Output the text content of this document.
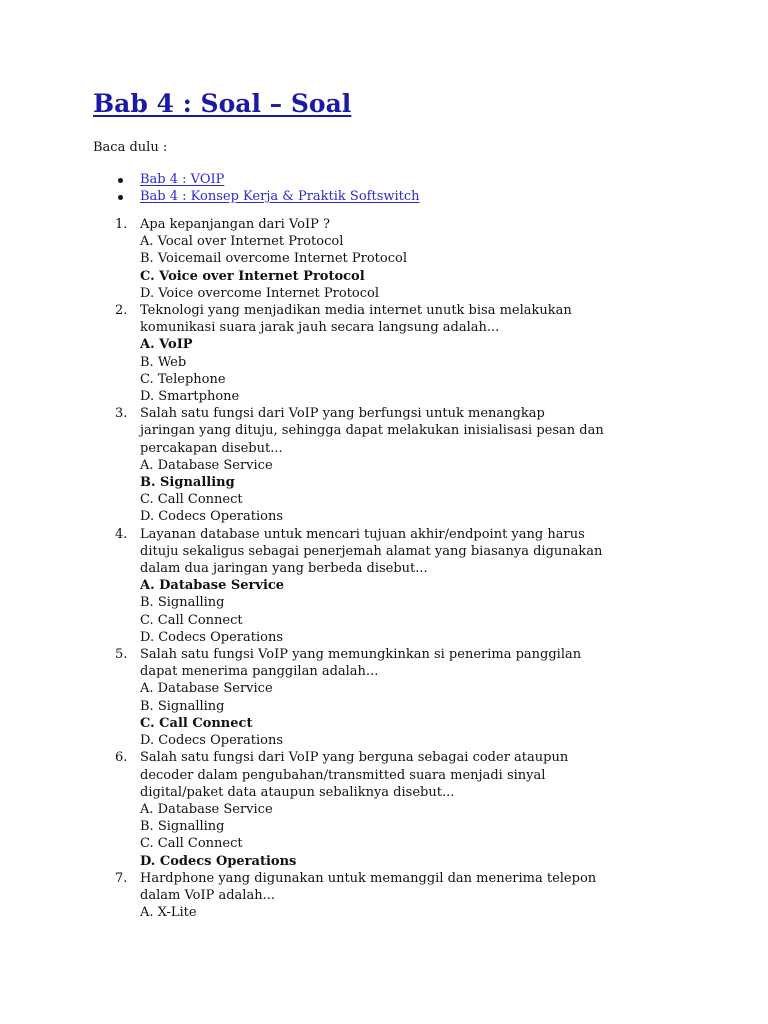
Bab 4 : Soal – Soal

Baca dulu :

Bab 4 : VOIP
Bab 4 : Konsep Kerja & Praktik Softswitch
1. Apa kepanjangan dari VoIP ?
A. Vocal over Internet Protocol
B. Voicemail overcome Internet Protocol
C. Voice over Internet Protocol
D. Voice overcome Internet Protocol
2. Teknologi yang menjadikan media internet unutk bisa melakukan
komunikasi suara jarak jauh secara langsung adalah...
A. VoIP
B. Web
C. Telephone
D. Smartphone
3. Salah satu fungsi dari VoIP yang berfungsi untuk menangkap
jaringan yang dituju, sehingga dapat melakukan inisialisasi pesan dan
percakapan disebut...
A. Database Service
B. Signalling
C. Call Connect
D. Codecs Operations
4. Layanan database untuk mencari tujuan akhir/endpoint yang harus
dituju sekaligus sebagai penerjemah alamat yang biasanya digunakan
dalam dua jaringan yang berbeda disebut...
A. Database Service
B. Signalling
C. Call Connect
D. Codecs Operations
5. Salah satu fungsi VoIP yang memungkinkan si penerima panggilan
dapat menerima panggilan adalah...
A. Database Service
B. Signalling
C. Call Connect
D. Codecs Operations
6. Salah satu fungsi dari VoIP yang berguna sebagai coder ataupun
decoder dalam pengubahan/transmitted suara menjadi sinyal
digital/paket data ataupun sebaliknya disebut...
A. Database Service
B. Signalling
C. Call Connect
D. Codecs Operations
7. Hardphone yang digunakan untuk memanggil dan menerima telepon
dalam VoIP adalah...
A. X-Lite
